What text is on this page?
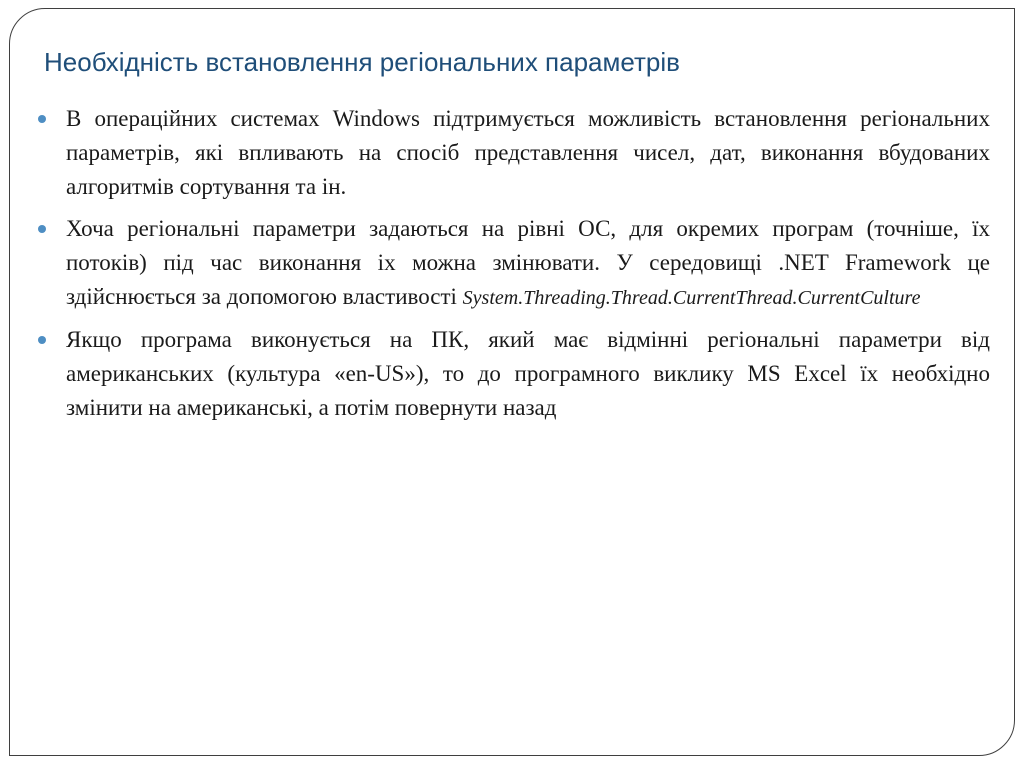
Необхідність встановлення регіональних параметрів

В операційних системах Windows підтримується можливість встановлення регіональних параметрів, які впливають на спосіб представлення чисел, дат, виконання вбудованих алгоритмів сортування та ін.

Хоча регіональні параметри задаються на рівні ОС, для окремих програм (точніше, їх потоків) під час виконання іх можна змінювати. У середовищі .NET Framework це здійснюється за допомогою властивості System.Threading.Thread.CurrentThread.CurrentCulture

Якщо програма виконується на ПК, який має відмінні регіональні параметри від американських (культура «en-US»), то до програмного виклику MS Excel їх необхідно змінити на американські, а потім повернути назад
